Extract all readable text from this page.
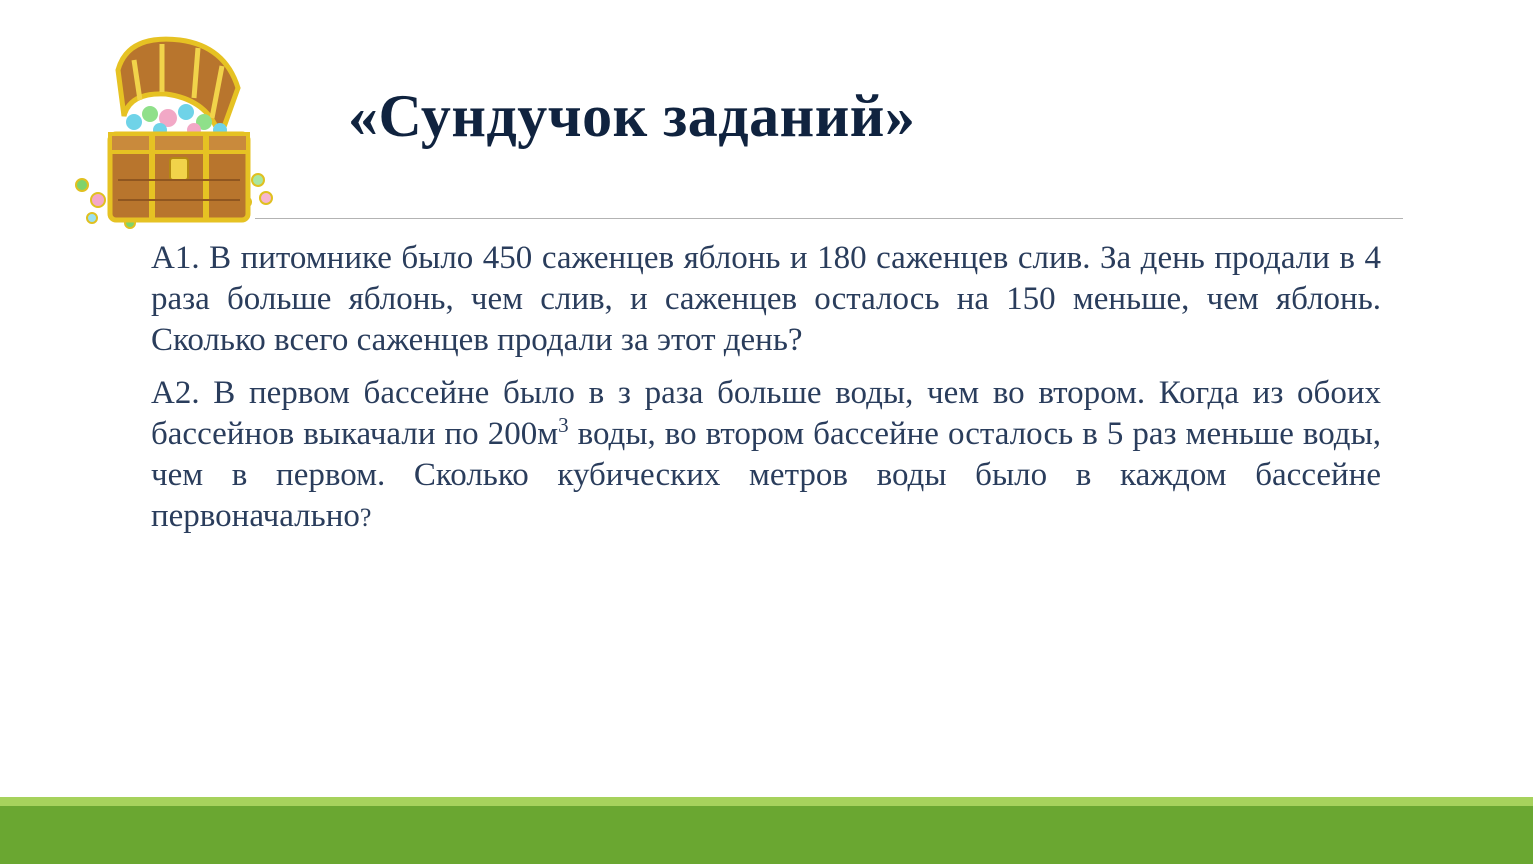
«Сундучок заданий»

А1. В питомнике было 450 саженцев яблонь и 180 саженцев слив. За день продали в 4 раза больше яблонь, чем слив, и саженцев осталось на 150 меньше, чем яблонь. Сколько всего саженцев продали за этот день?

А2. В первом бассейне было в з раза больше воды, чем во втором. Когда из обоих бассейнов выкачали по $200м^3$ воды, во втором бассейне осталось в 5 раз меньше воды, чем в первом. Сколько кубических метров воды было в каждом бассейне первоначально?
